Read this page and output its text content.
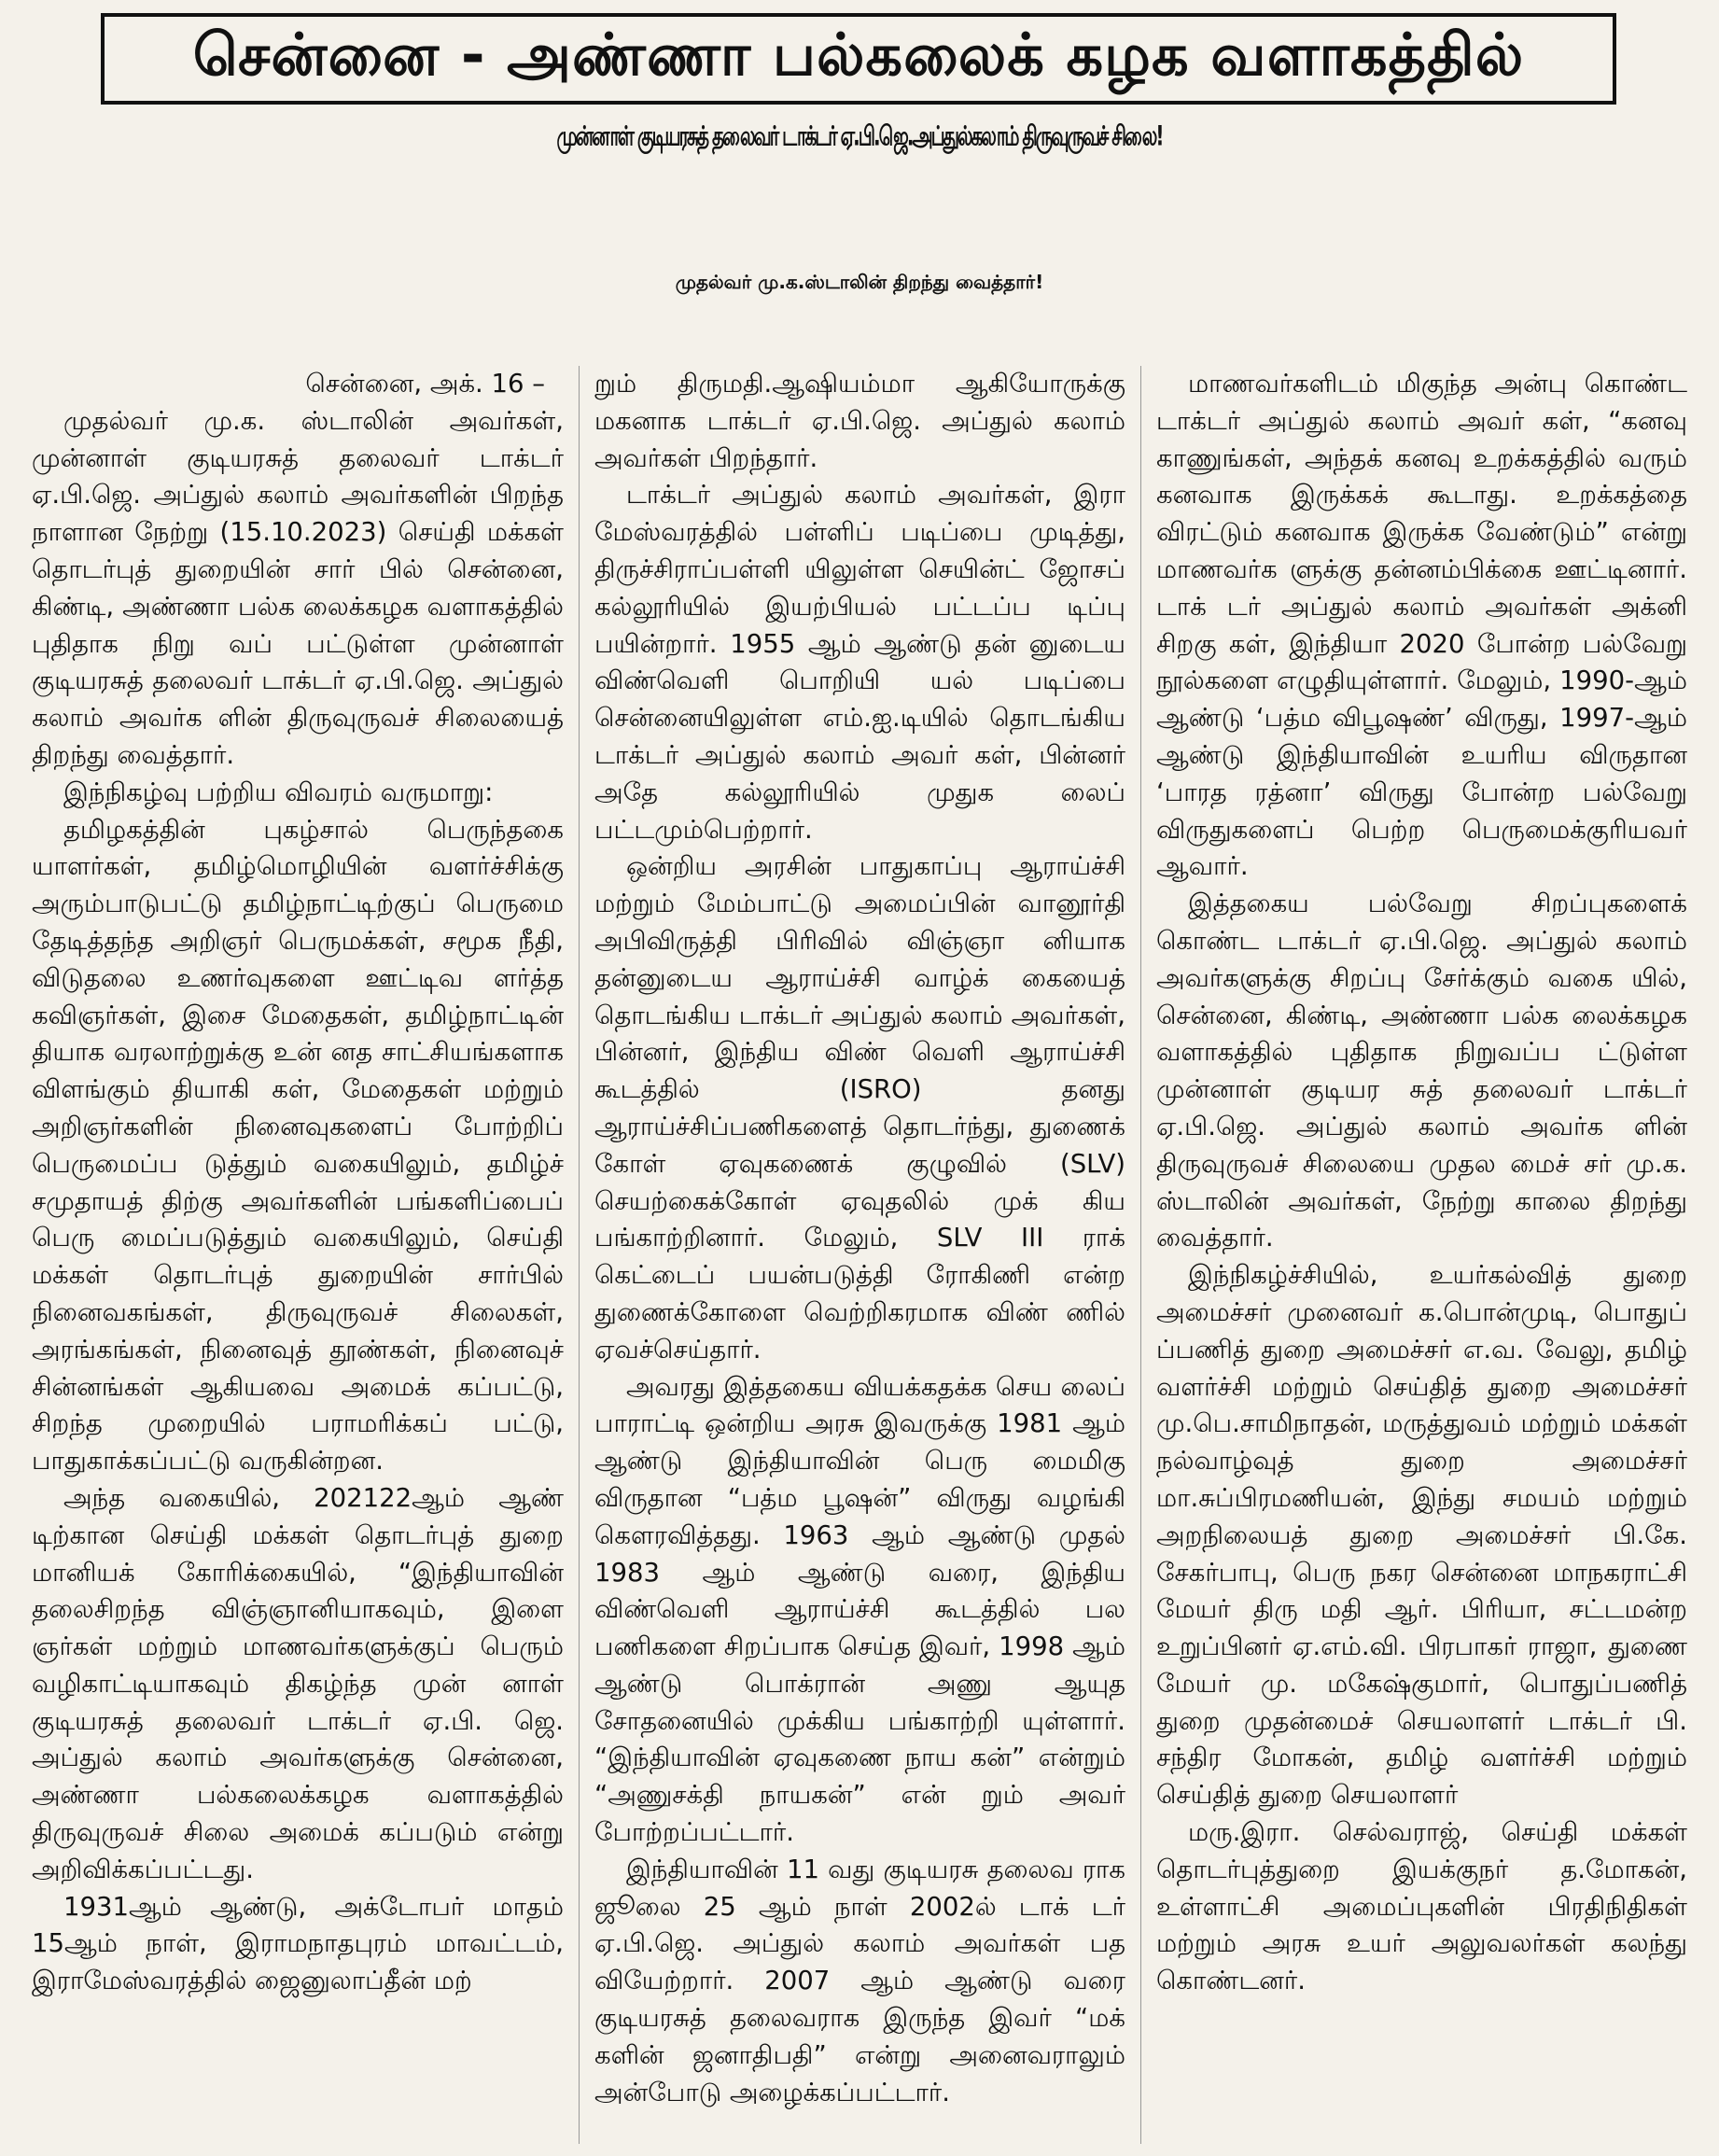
சென்னை - அண்ணா பல்கலைக் கழக வளாகத்தில்
முன்னாள் குடியரசுத் தலைவர் டாக்டர் ஏ.பி.ஜெ.அப்துல்கலாம் திருவுருவச் சிலை!
முதல்வர் மு.க.ஸ்டாலின் திறந்து வைத்தார்!

சென்னை, அக். 16 –

முதல்வர் மு.க. ஸ்டாலின் அவர்கள், முன்னாள் குடியரசுத் தலைவர் டாக்டர் ஏ.பி.ஜெ. அப்துல் கலாம் அவர்களின் பிறந்த நாளான நேற்று (15.10.2023) செய்தி மக்கள் தொடர்புத் துறையின் சார் பில் சென்னை, கிண்டி, அண்ணா பல்க லைக்கழக வளாகத்தில் புதிதாக நிறு வப் பட்டுள்ள முன்னாள் குடியரசுத் தலைவர் டாக்டர் ஏ.பி.ஜெ. அப்துல் கலாம் அவர்க ளின் திருவுருவச் சிலையைத் திறந்து வைத்தார்.

இந்நிகழ்வு பற்றிய விவரம் வருமாறு:

தமிழகத்தின் புகழ்சால் பெருந்தகை யாளர்கள், தமிழ்மொழியின் வளர்ச்சிக்கு அரும்பாடுபட்டு தமிழ்நாட்டிற்குப் பெருமை தேடித்தந்த அறிஞர் பெருமக்கள், சமூக நீதி, விடுதலை உணர்வுகளை ஊட்டிவ ளர்த்த கவிஞர்கள், இசை மேதைகள், தமிழ்நாட்டின் தியாக வரலாற்றுக்கு உன் னத சாட்சியங்களாக விளங்கும் தியாகி கள், மேதைகள் மற்றும் அறிஞர்களின் நினைவுகளைப் போற்றிப் பெருமைப்ப டுத்தும் வகையிலும், தமிழ்ச் சமுதாயத் திற்கு அவர்களின் பங்களிப்பைப் பெரு மைப்படுத்தும் வகையிலும், செய்தி மக்கள் தொடர்புத் துறையின் சார்பில் நினைவகங்கள், திருவுருவச் சிலைகள், அரங்கங்கள், நினைவுத் தூண்கள், நினைவுச் சின்னங்கள் ஆகியவை அமைக் கப்பட்டு, சிறந்த முறையில் பராமரிக்கப் பட்டு, பாதுகாக்கப்பட்டு வருகின்றன.

அந்த வகையில், 202122ஆம் ஆண் டிற்கான செய்தி மக்கள் தொடர்புத் துறை மானியக் கோரிக்கையில், “இந்தியாவின் தலைசிறந்த விஞ்ஞானியாகவும், இளை ஞர்கள் மற்றும் மாணவர்களுக்குப் பெரும் வழிகாட்டியாகவும் திகழ்ந்த முன் னாள் குடியரசுத் தலைவர் டாக்டர் ஏ.பி. ஜெ. அப்துல் கலாம் அவர்களுக்கு சென்னை, அண்ணா பல்கலைக்கழக வளாகத்தில் திருவுருவச் சிலை அமைக் கப்படும் என்று அறிவிக்கப்பட்டது.

1931ஆம் ஆண்டு, அக்டோபர் மாதம் 15ஆம் நாள், இராமநாதபுரம் மாவட்டம், இராமேஸ்வரத்தில் ஜைனுலாப்தீன் மற்

றும் திருமதி.ஆஷியம்மா ஆகியோருக்கு மகனாக டாக்டர் ஏ.பி.ஜெ. அப்துல் கலாம் அவர்கள் பிறந்தார்.

டாக்டர் அப்துல் கலாம் அவர்கள், இரா மேஸ்வரத்தில் பள்ளிப் படிப்பை முடித்து, திருச்சிராப்பள்ளி யிலுள்ள செயின்ட் ஜோசப் கல்லூரியில் இயற்பியல் பட்டப்ப டிப்பு பயின்றார். 1955 ஆம் ஆண்டு தன் னுடைய விண்வெளி பொறியி யல் படிப்பை சென்னையிலுள்ள எம்.ஐ.டியில் தொடங்கிய டாக்டர் அப்துல் கலாம் அவர் கள், பின்னர் அதே கல்லூரியில் முதுக லைப் பட்டமும்பெற்றார்.

ஒன்றிய அரசின் பாதுகாப்பு ஆராய்ச்சி மற்றும் மேம்பாட்டு அமைப்பின் வானூர்தி அபிவிருத்தி பிரிவில் விஞ்ஞா னியாக தன்னுடைய ஆராய்ச்சி வாழ்க் கையைத் தொடங்கிய டாக்டர் அப்துல் கலாம் அவர்கள், பின்னர், இந்திய விண் வெளி ஆராய்ச்சி கூடத்தில் (ISRO) தனது ஆராய்ச்சிப்பணிகளைத் தொடர்ந்து, துணைக் கோள் ஏவுகணைக் குழுவில் (SLV) செயற்கைக்கோள் ஏவுதலில் முக் கிய பங்காற்றினார். மேலும், SLV III ராக் கெட்டைப் பயன்படுத்தி ரோகிணி என்ற துணைக்கோளை வெற்றிகரமாக விண் ணில் ஏவச்செய்தார்.

அவரது இத்தகைய வியக்கதக்க செய லைப் பாராட்டி ஒன்றிய அரசு இவருக்கு 1981 ஆம் ஆண்டு இந்தியாவின் பெரு மைமிகு விருதான “பத்ம பூஷன்” விருது வழங்கி கௌரவித்தது. 1963 ஆம் ஆண்டு முதல் 1983 ஆம் ஆண்டு வரை, இந்திய விண்வெளி ஆராய்ச்சி கூடத்தில் பல பணிகளை சிறப்பாக செய்த இவர், 1998 ஆம் ஆண்டு பொக்ரான் அணு ஆயுத சோதனையில் முக்கிய பங்காற்றி யுள்ளார். “இந்தியாவின் ஏவுகணை நாய கன்” என்றும் “அணுசக்தி நாயகன்” என் றும் அவர் போற்றப்பட்டார்.

இந்தியாவின் 11 வது குடியரசு தலைவ ராக ஜூலை 25 ஆம் நாள் 2002ல் டாக் டர் ஏ.பி.ஜெ. அப்துல் கலாம் அவர்கள் பத வியேற்றார். 2007 ஆம் ஆண்டு வரை குடியரசுத் தலைவராக இருந்த இவர் “மக் களின் ஜனாதிபதி” என்று அனைவராலும் அன்போடு அழைக்கப்பட்டார்.

மாணவர்களிடம் மிகுந்த அன்பு கொண்ட டாக்டர் அப்துல் கலாம் அவர் கள், “கனவு காணுங்கள், அந்தக் கனவு உறக்கத்தில் வரும் கனவாக இருக்கக் கூடாது. உறக்கத்தை விரட்டும் கனவாக இருக்க வேண்டும்” என்று மாணவர்க ளுக்கு தன்னம்பிக்கை ஊட்டினார். டாக் டர் அப்துல் கலாம் அவர்கள் அக்னி சிறகு கள், இந்தியா 2020 போன்ற பல்வேறு நூல்களை எழுதியுள்ளார். மேலும், 1990-ஆம் ஆண்டு ‘பத்ம விபூஷண்’ விருது, 1997-ஆம் ஆண்டு இந்தியாவின் உயரிய விருதான ‘பாரத ரத்னா’ விருது போன்ற பல்வேறு விருதுகளைப் பெற்ற பெருமைக்குரியவர் ஆவார்.

இத்தகைய பல்வேறு சிறப்புகளைக் கொண்ட டாக்டர் ஏ.பி.ஜெ. அப்துல் கலாம் அவர்களுக்கு சிறப்பு சேர்க்கும் வகை யில், சென்னை, கிண்டி, அண்ணா பல்க லைக்கழக வளாகத்தில் புதிதாக நிறுவப்ப ட்டுள்ள முன்னாள் குடியர சுத் தலைவர் டாக்டர் ஏ.பி.ஜெ. அப்துல் கலாம் அவர்க ளின் திருவுருவச் சிலையை முதல மைச் சர் மு.க. ஸ்டாலின் அவர்கள், நேற்று காலை திறந்து வைத்தார்.

இந்நிகழ்ச்சியில், உயர்கல்வித் துறை அமைச்சர் முனைவர் க.பொன்முடி, பொதுப் ப்பணித் துறை அமைச்சர் எ.வ. வேலு, தமிழ் வளர்ச்சி மற்றும் செய்தித் துறை அமைச்சர் மு.பெ.சாமிநாதன், மருத்துவம் மற்றும் மக்கள் நல்வாழ்வுத் துறை அமைச்சர் மா.சுப்பிரமணியன், இந்து சமயம் மற்றும் அறநிலையத் துறை அமைச்சர் பி.கே. சேகர்பாபு, பெரு நகர சென்னை மாநகராட்சி மேயர் திரு மதி ஆர். பிரியா, சட்டமன்ற உறுப்பினர் ஏ.எம்.வி. பிரபாகர் ராஜா, துணை மேயர் மு. மகேஷ்குமார், பொதுப்பணித் துறை முதன்மைச் செயலாளர் டாக்டர் பி. சந்திர மோகன், தமிழ் வளர்ச்சி மற்றும் செய்தித் துறை செயலாளர்

மரு.இரா. செல்வராஜ், செய்தி மக்கள் தொடர்புத்துறை இயக்குநர் த.மோகன், உள்ளாட்சி அமைப்புகளின் பிரதிநிதிகள் மற்றும் அரசு உயர் அலுவலர்கள் கலந்து கொண்டனர்.
